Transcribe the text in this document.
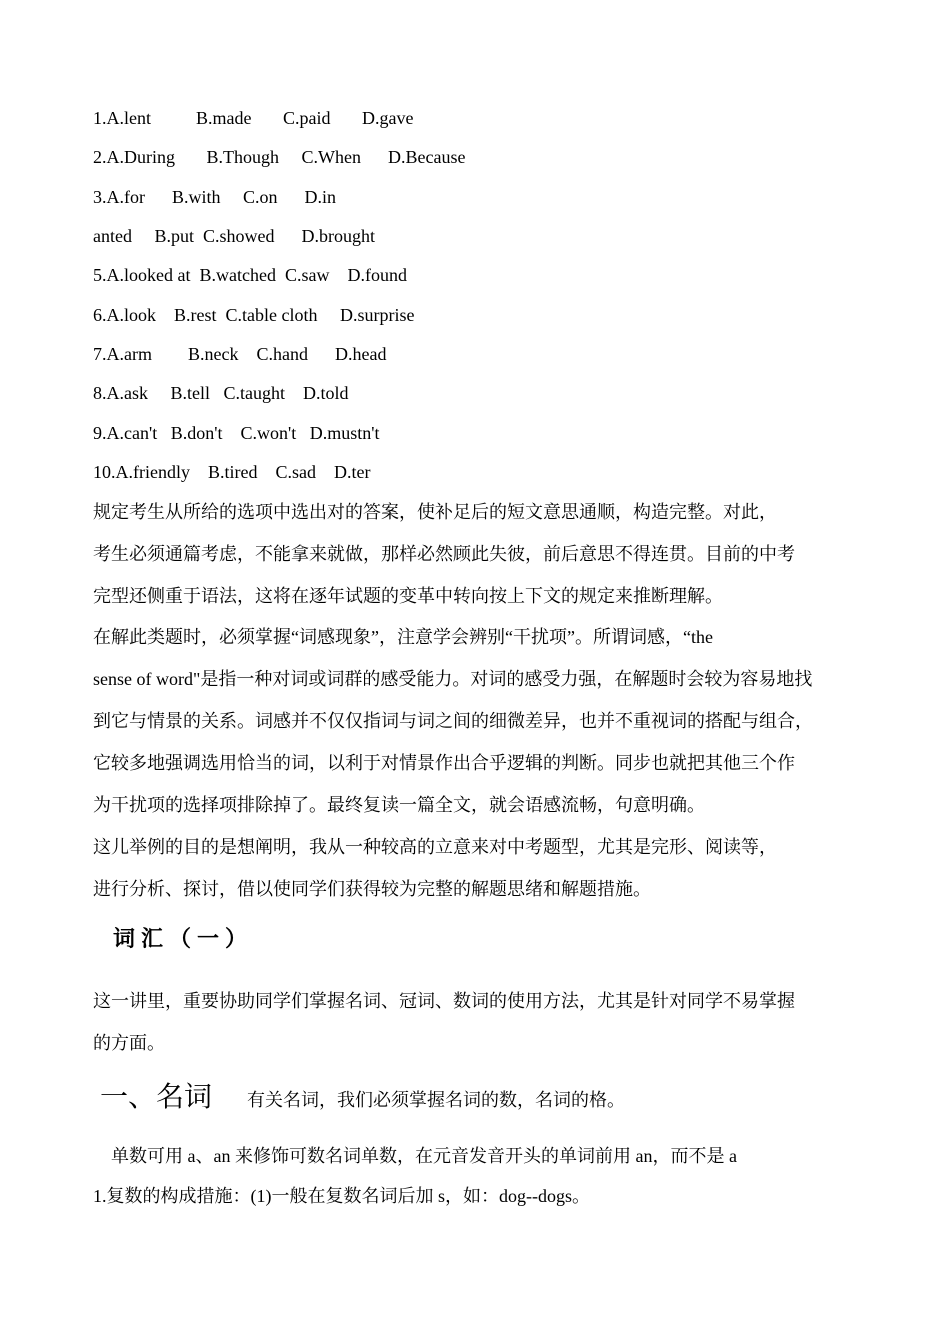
1.A.lent          B.made       C.paid       D.gave
2.A.During       B.Though     C.When      D.Because
3.A.for      B.with     C.on      D.in
anted     B.put  C.showed      D.brought
5.A.looked at  B.watched  C.saw    D.found
6.A.look    B.rest  C.table cloth     D.surprise
7.A.arm        B.neck    C.hand      D.head
8.A.ask     B.tell   C.taught    D.told
9.A.can't   B.don't    C.won't   D.mustn't
10.A.friendly    B.tired    C.sad    D.ter
规定考生从所给的选项中选出对的答案，使补足后的短文意思通顺，构造完整。对此，
考生必须通篇考虑，不能拿来就做，那样必然顾此失彼，前后意思不得连贯。目前的中考
完型还侧重于语法，这将在逐年试题的变革中转向按上下文的规定来推断理解。
在解此类题时，必须掌握“词感现象”，注意学会辨别“干扰项”。所谓词感，“the
sense of word"是指一种对词或词群的感受能力。对词的感受力强，在解题时会较为容易地找
到它与情景的关系。词感并不仅仅指词与词之间的细微差异，也并不重视词的搭配与组合，
它较多地强调选用恰当的词，以利于对情景作出合乎逻辑的判断。同步也就把其他三个作
为干扰项的选择项排除掉了。最终复读一篇全文，就会语感流畅，句意明确。
这儿举例的目的是想阐明，我从一种较高的立意来对中考题型，尤其是完形、阅读等，
进行分析、探讨，借以使同学们获得较为完整的解题思绪和解题措施。
词汇（一）
这一讲里，重要协助同学们掌握名词、冠词、数词的使用方法，尤其是针对同学不易掌握
的方面。
一、名词 有关名词，我们必须掌握名词的数，名词的格。
单数可用 a、an 来修饰可数名词单数，在元音发音开头的单词前用 an，而不是 a
1.复数的构成措施：(1)一般在复数名词后加 s，如：dog--dogs。
